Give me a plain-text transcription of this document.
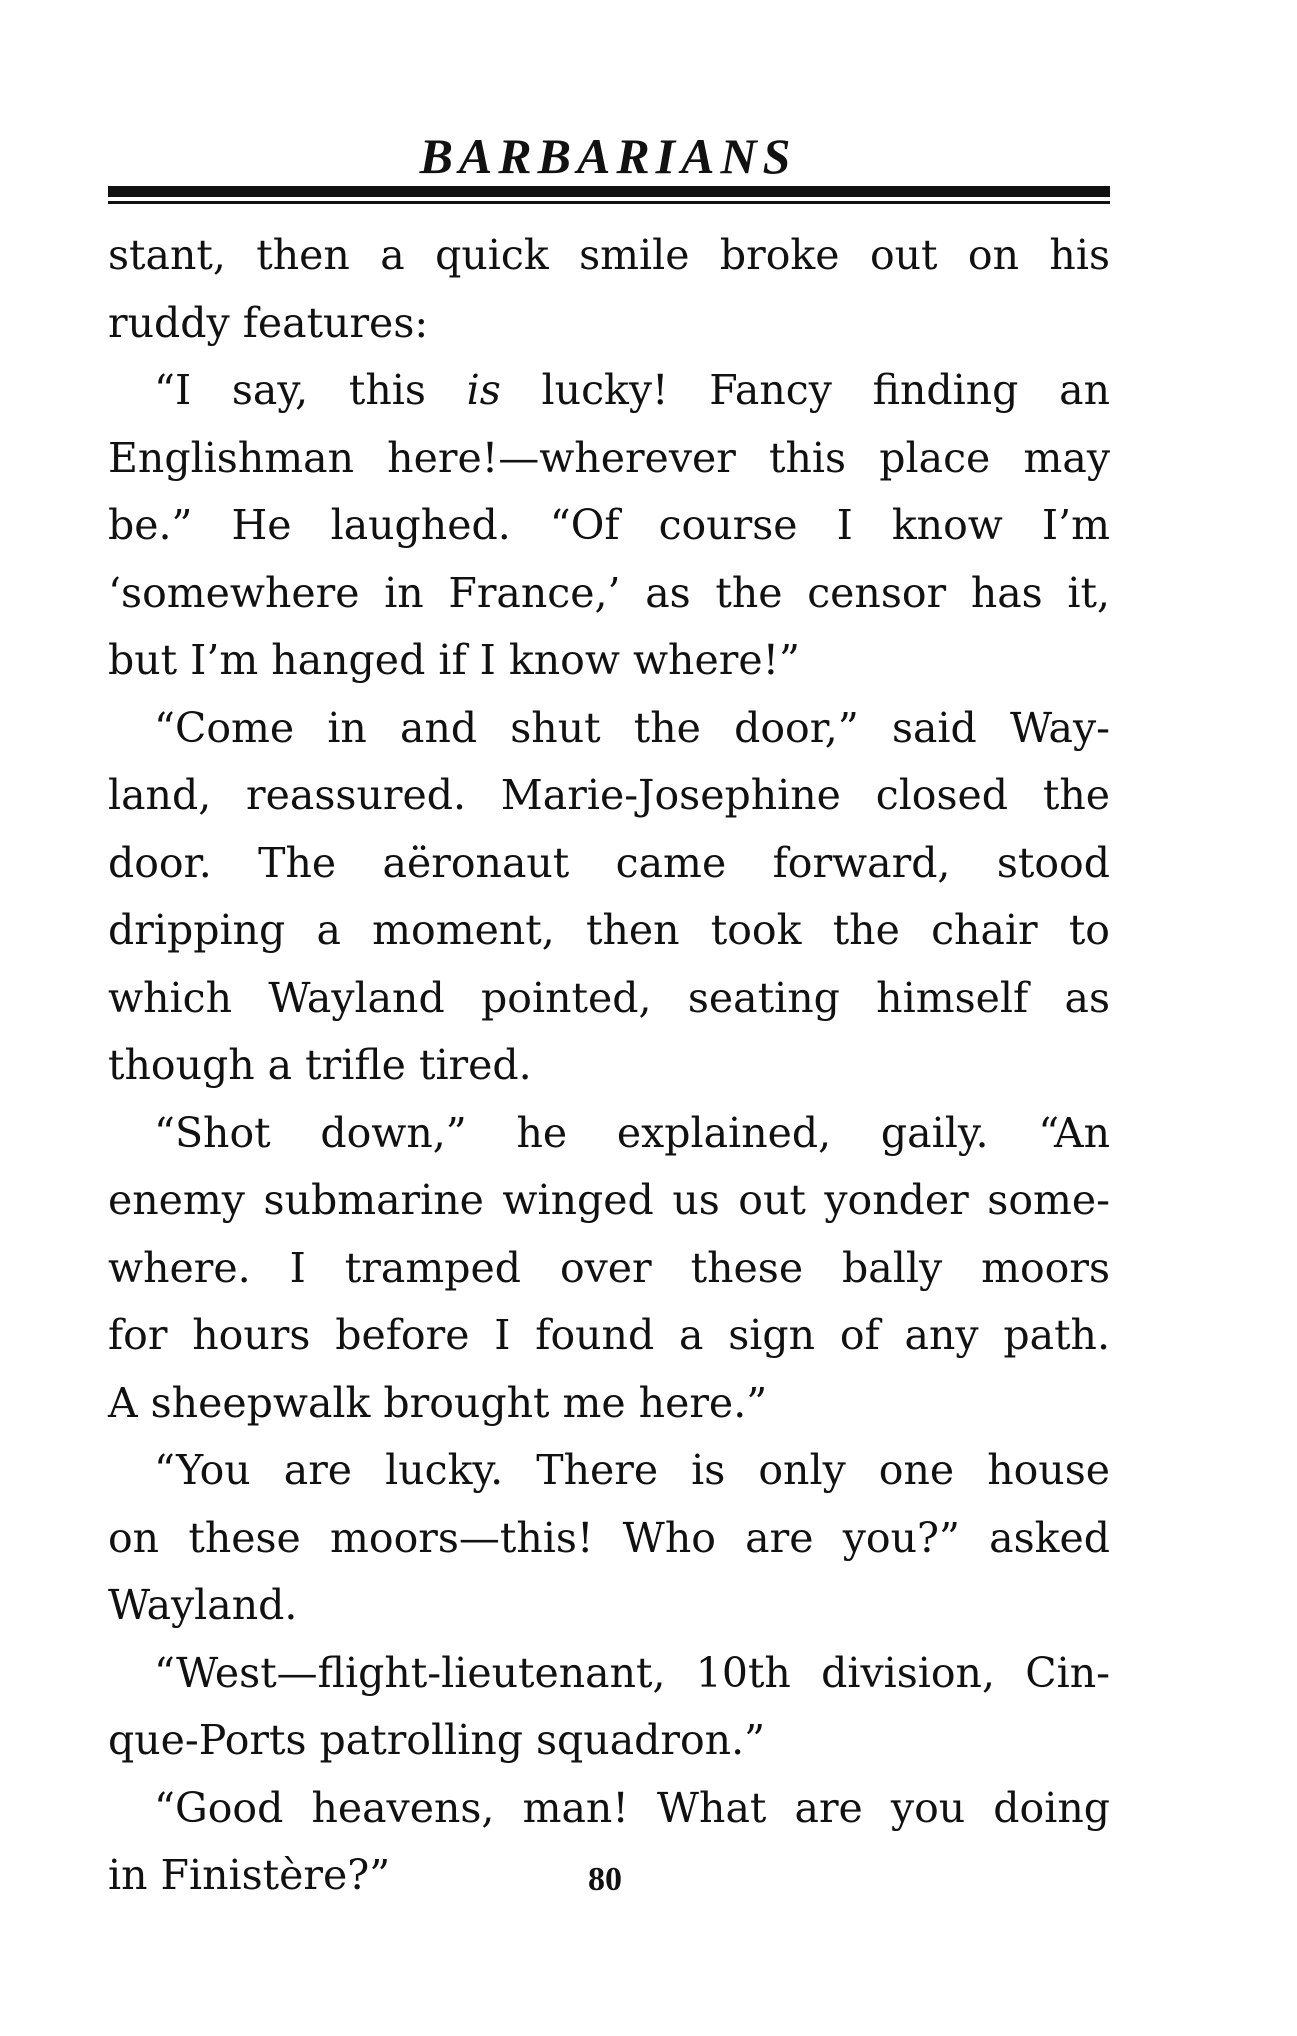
BARBARIANS
stant, then a quick smile broke out on his
ruddy features:
“I say, this is lucky! Fancy finding an
Englishman here!—wherever this place may
be.” He laughed. “Of course I know I’m
‘somewhere in France,’ as the censor has it,
but I’m hanged if I know where!”
“Come in and shut the door,” said Way-
land, reassured. Marie-Josephine closed the
door. The aëronaut came forward, stood
dripping a moment, then took the chair to
which Wayland pointed, seating himself as
though a trifle tired.
“Shot down,” he explained, gaily. “An
enemy submarine winged us out yonder some-
where. I tramped over these bally moors
for hours before I found a sign of any path.
A sheepwalk brought me here.”
“You are lucky. There is only one house
on these moors—this! Who are you?” asked
Wayland.
“West—flight-lieutenant, 10th division, Cin-
que-Ports patrolling squadron.”
“Good heavens, man! What are you doing
in Finistère?”	80
